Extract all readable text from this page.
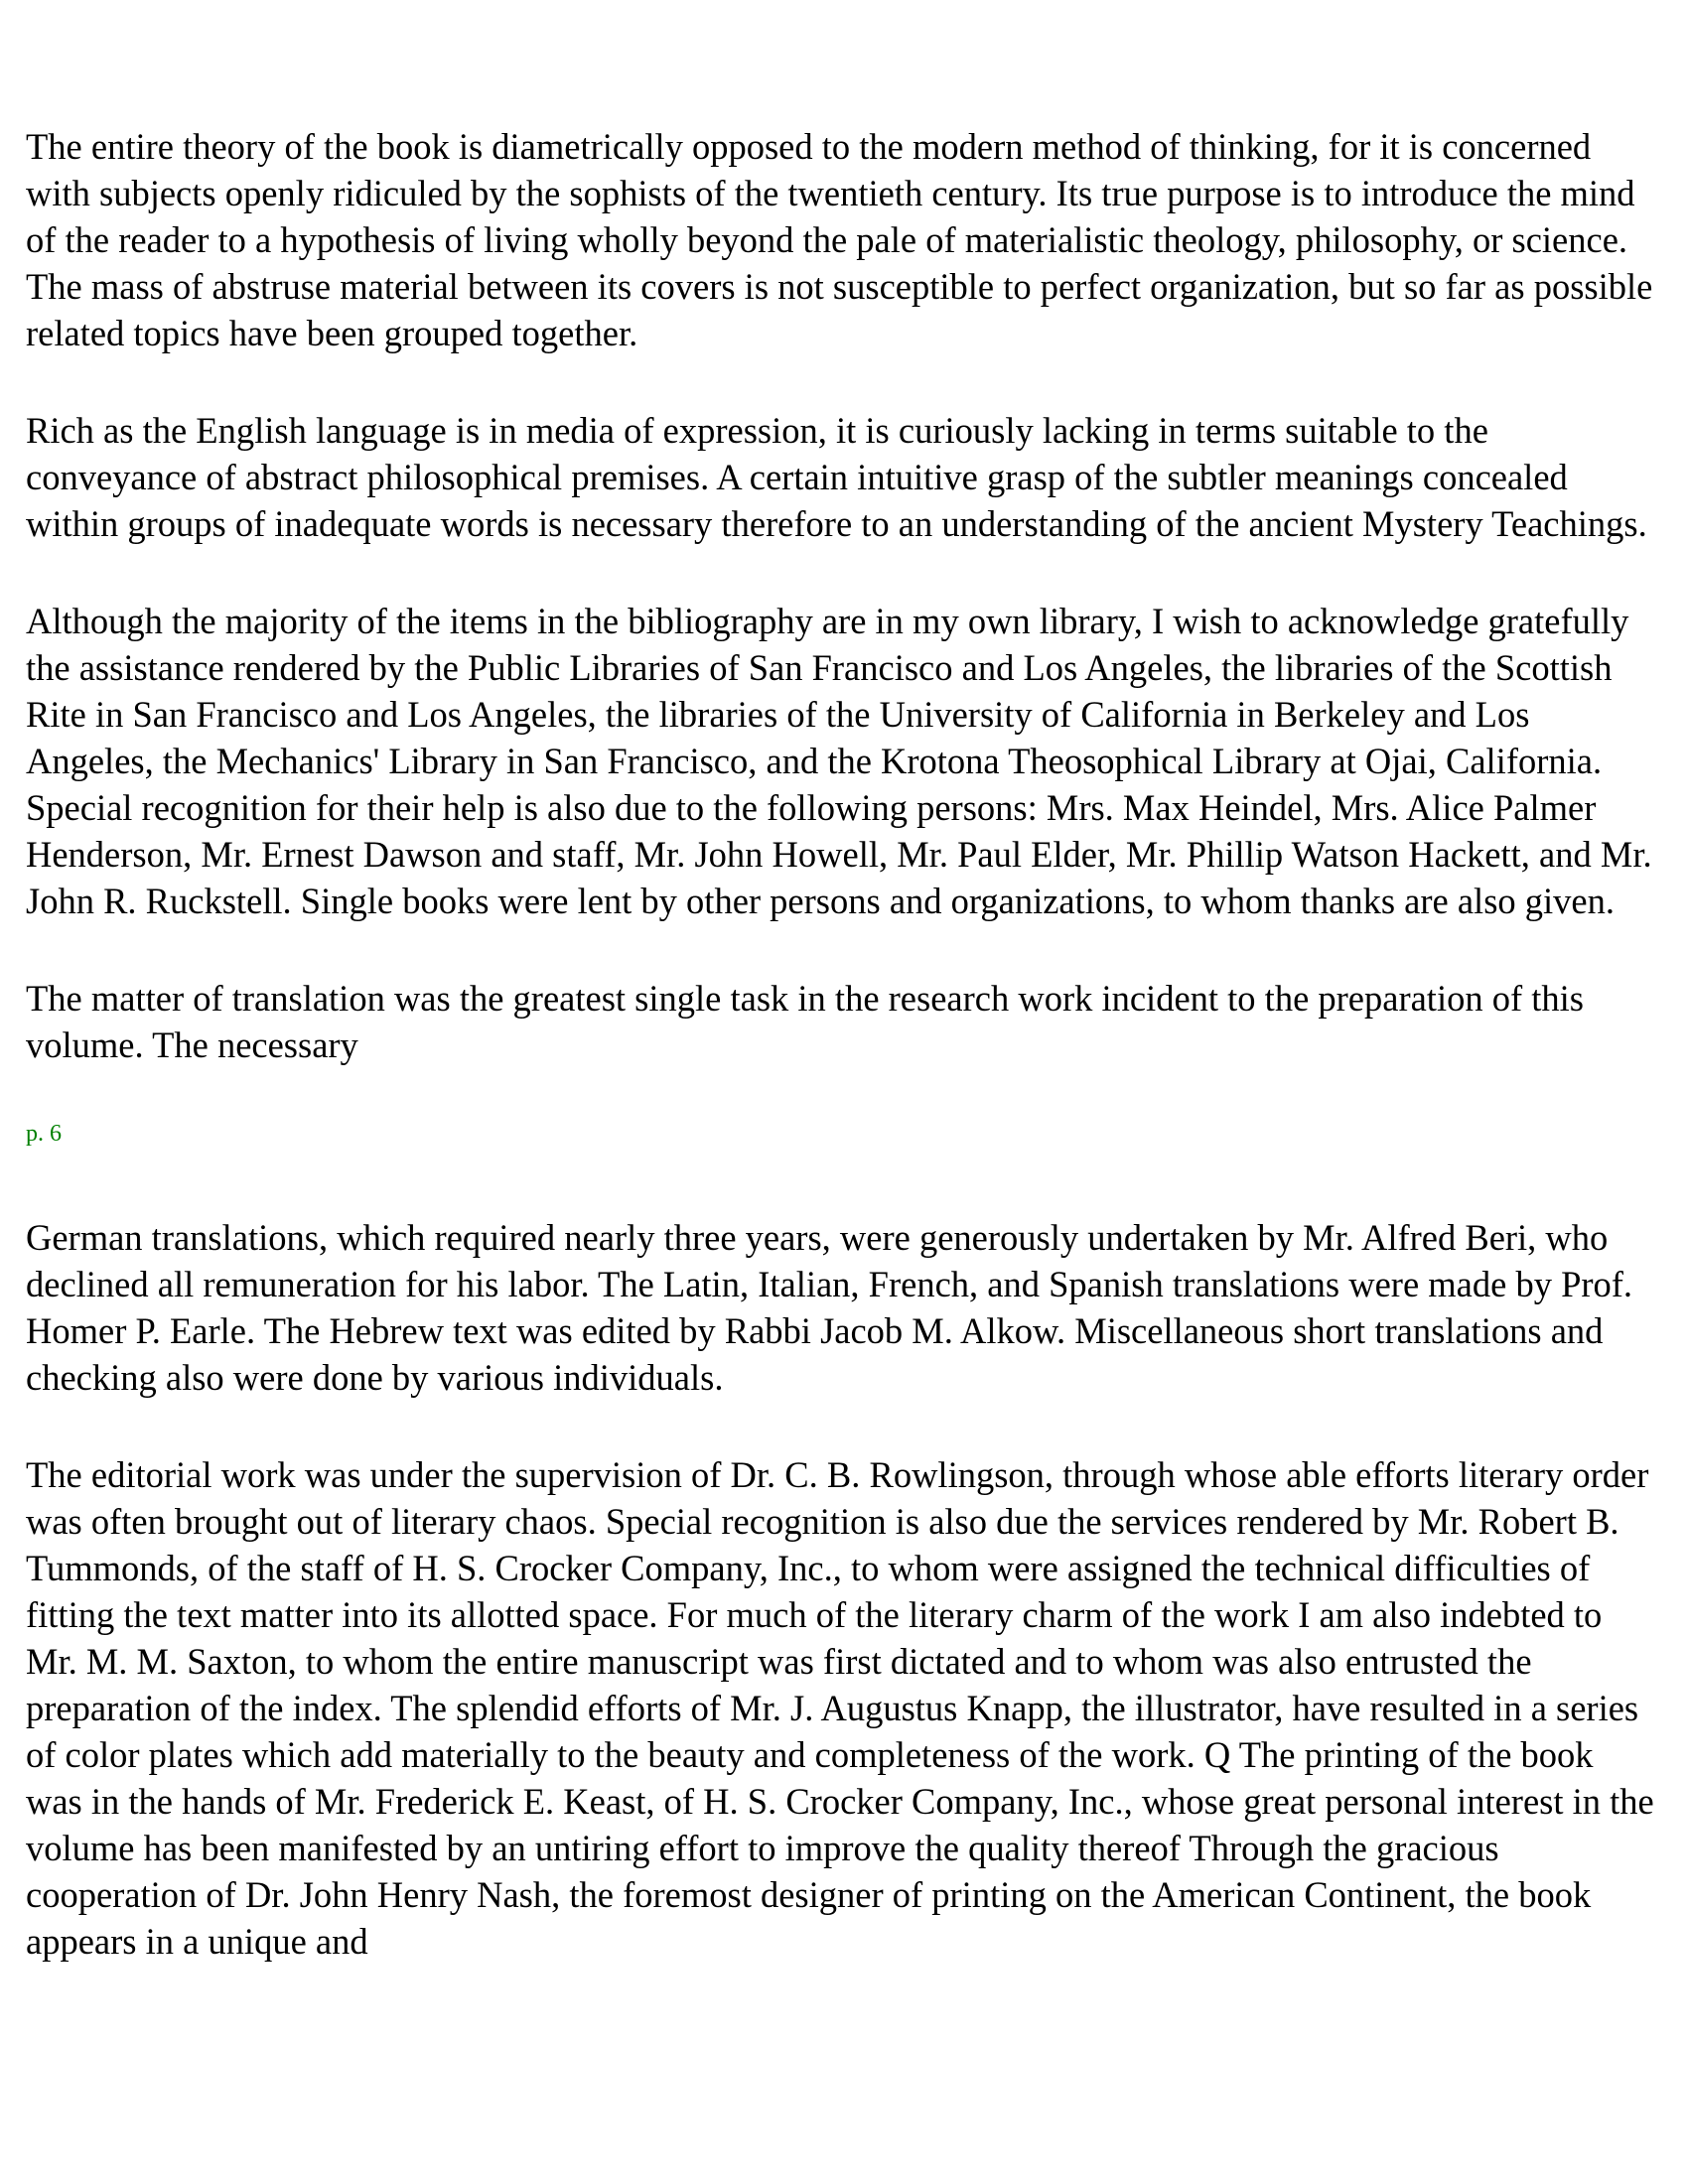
The entire theory of the book is diametrically opposed to the modern method of thinking, for it is concerned with subjects openly ridiculed by the sophists of the twentieth century. Its true purpose is to introduce the mind of the reader to a hypothesis of living wholly beyond the pale of materialistic theology, philosophy, or science. The mass of abstruse material between its covers is not susceptible to perfect organization, but so far as possible related topics have been grouped together.

Rich as the English language is in media of expression, it is curiously lacking in terms suitable to the conveyance of abstract philosophical premises. A certain intuitive grasp of the subtler meanings concealed within groups of inadequate words is necessary therefore to an understanding of the ancient Mystery Teachings.

Although the majority of the items in the bibliography are in my own library, I wish to acknowledge gratefully the assistance rendered by the Public Libraries of San Francisco and Los Angeles, the libraries of the Scottish Rite in San Francisco and Los Angeles, the libraries of the University of California in Berkeley and Los Angeles, the Mechanics' Library in San Francisco, and the Krotona Theosophical Library at Ojai, California. Special recognition for their help is also due to the following persons: Mrs. Max Heindel, Mrs. Alice Palmer Henderson, Mr. Ernest Dawson and staff, Mr. John Howell, Mr. Paul Elder, Mr. Phillip Watson Hackett, and Mr. John R. Ruckstell. Single books were lent by other persons and organizations, to whom thanks are also given.

The matter of translation was the greatest single task in the research work incident to the preparation of this volume. The necessary

p. 6

German translations, which required nearly three years, were generously undertaken by Mr. Alfred Beri, who declined all remuneration for his labor. The Latin, Italian, French, and Spanish translations were made by Prof. Homer P. Earle. The Hebrew text was edited by Rabbi Jacob M. Alkow. Miscellaneous short translations and checking also were done by various individuals.

The editorial work was under the supervision of Dr. C. B. Rowlingson, through whose able efforts literary order was often brought out of literary chaos. Special recognition is also due the services rendered by Mr. Robert B. Tummonds, of the staff of H. S. Crocker Company, Inc., to whom were assigned the technical difficulties of fitting the text matter into its allotted space. For much of the literary charm of the work I am also indebted to Mr. M. M. Saxton, to whom the entire manuscript was first dictated and to whom was also entrusted the preparation of the index. The splendid efforts of Mr. J. Augustus Knapp, the illustrator, have resulted in a series of color plates which add materially to the beauty and completeness of the work. Q The printing of the book was in the hands of Mr. Frederick E. Keast, of H. S. Crocker Company, Inc., whose great personal interest in the volume has been manifested by an untiring effort to improve the quality thereof Through the gracious cooperation of Dr. John Henry Nash, the foremost designer of printing on the American Continent, the book appears in a unique and
